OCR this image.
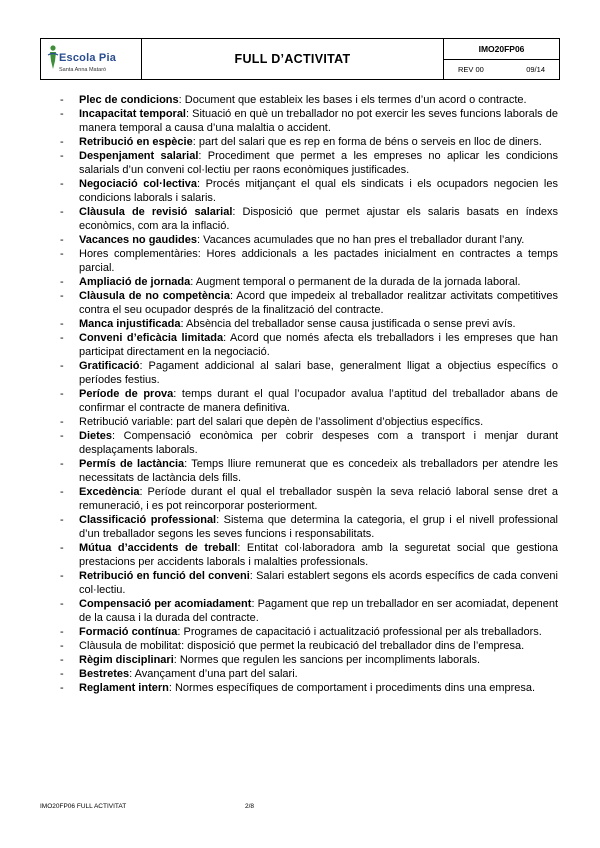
Escola Pia
Santa Anna Mataró
FULL D’ACTIVITAT
IMO20FP06
REV 00	09/14
- Plec de condicions: Document que estableix les bases i els termes d’un acord o contracte.
- Incapacitat temporal: Situació en què un treballador no pot exercir les seves funcions laborals de manera temporal a causa d’una malaltia o accident.
- Retribució en espècie: part del salari que es rep en forma de béns o serveis en lloc de diners.
- Despenjament salarial: Procediment que permet a les empreses no aplicar les condicions salarials d’un conveni col·lectiu per raons econòmiques justificades.
- Negociació col·lectiva: Procés mitjançant el qual els sindicats i els ocupadors negocien les condicions laborals i salaris.
- Clàusula de revisió salarial: Disposició que permet ajustar els salaris basats en índexs econòmics, com ara la inflació.
- Vacances no gaudides: Vacances acumulades que no han pres el treballador durant l’any.
- Hores complementàries: Hores addicionals a les pactades inicialment en contractes a temps parcial.
- Ampliació de jornada: Augment temporal o permanent de la durada de la jornada laboral.
- Clàusula de no competència: Acord que impedeix al treballador realitzar activitats competitives contra el seu ocupador després de la finalització del contracte.
- Manca injustificada: Absència del treballador sense causa justificada o sense previ avís.
- Conveni d’eficàcia limitada: Acord que només afecta els treballadors i les empreses que han participat directament en la negociació.
- Gratificació: Pagament addicional al salari base, generalment lligat a objectius específics o períodes festius.
- Període de prova: temps durant el qual l’ocupador avalua l’aptitud del treballador abans de confirmar el contracte de manera definitiva.
- Retribució variable: part del salari que depèn de l’assoliment d’objectius específics.
- Dietes: Compensació econòmica per cobrir despeses com a transport i menjar durant desplaçaments laborals.
- Permís de lactància: Temps lliure remunerat que es concedeix als treballadors per atendre les necessitats de lactància dels fills.
- Excedència: Període durant el qual el treballador suspèn la seva relació laboral sense dret a remuneració, i es pot reincorporar posteriorment.
- Classificació professional: Sistema que determina la categoria, el grup i el nivell professional d’un treballador segons les seves funcions i responsabilitats.
- Mútua d’accidents de treball: Entitat col·laboradora amb la seguretat social que gestiona prestacions per accidents laborals i malalties professionals.
- Retribució en funció del conveni: Salari establert segons els acords específics de cada conveni col·lectiu.
- Compensació per acomiadament: Pagament que rep un treballador en ser acomiadat, depenent de la causa i la durada del contracte.
- Formació contínua: Programes de capacitació i actualització professional per als treballadors.
- Clàusula de mobilitat: disposició que permet la reubicació del treballador dins de l’empresa.
- Règim disciplinari: Normes que regulen les sancions per incompliments laborals.
- Bestretes: Avançament d’una part del salari.
- Reglament intern: Normes específiques de comportament i procediments dins una empresa.
IMO20FP06 FULL ACTIVITAT	2/8
